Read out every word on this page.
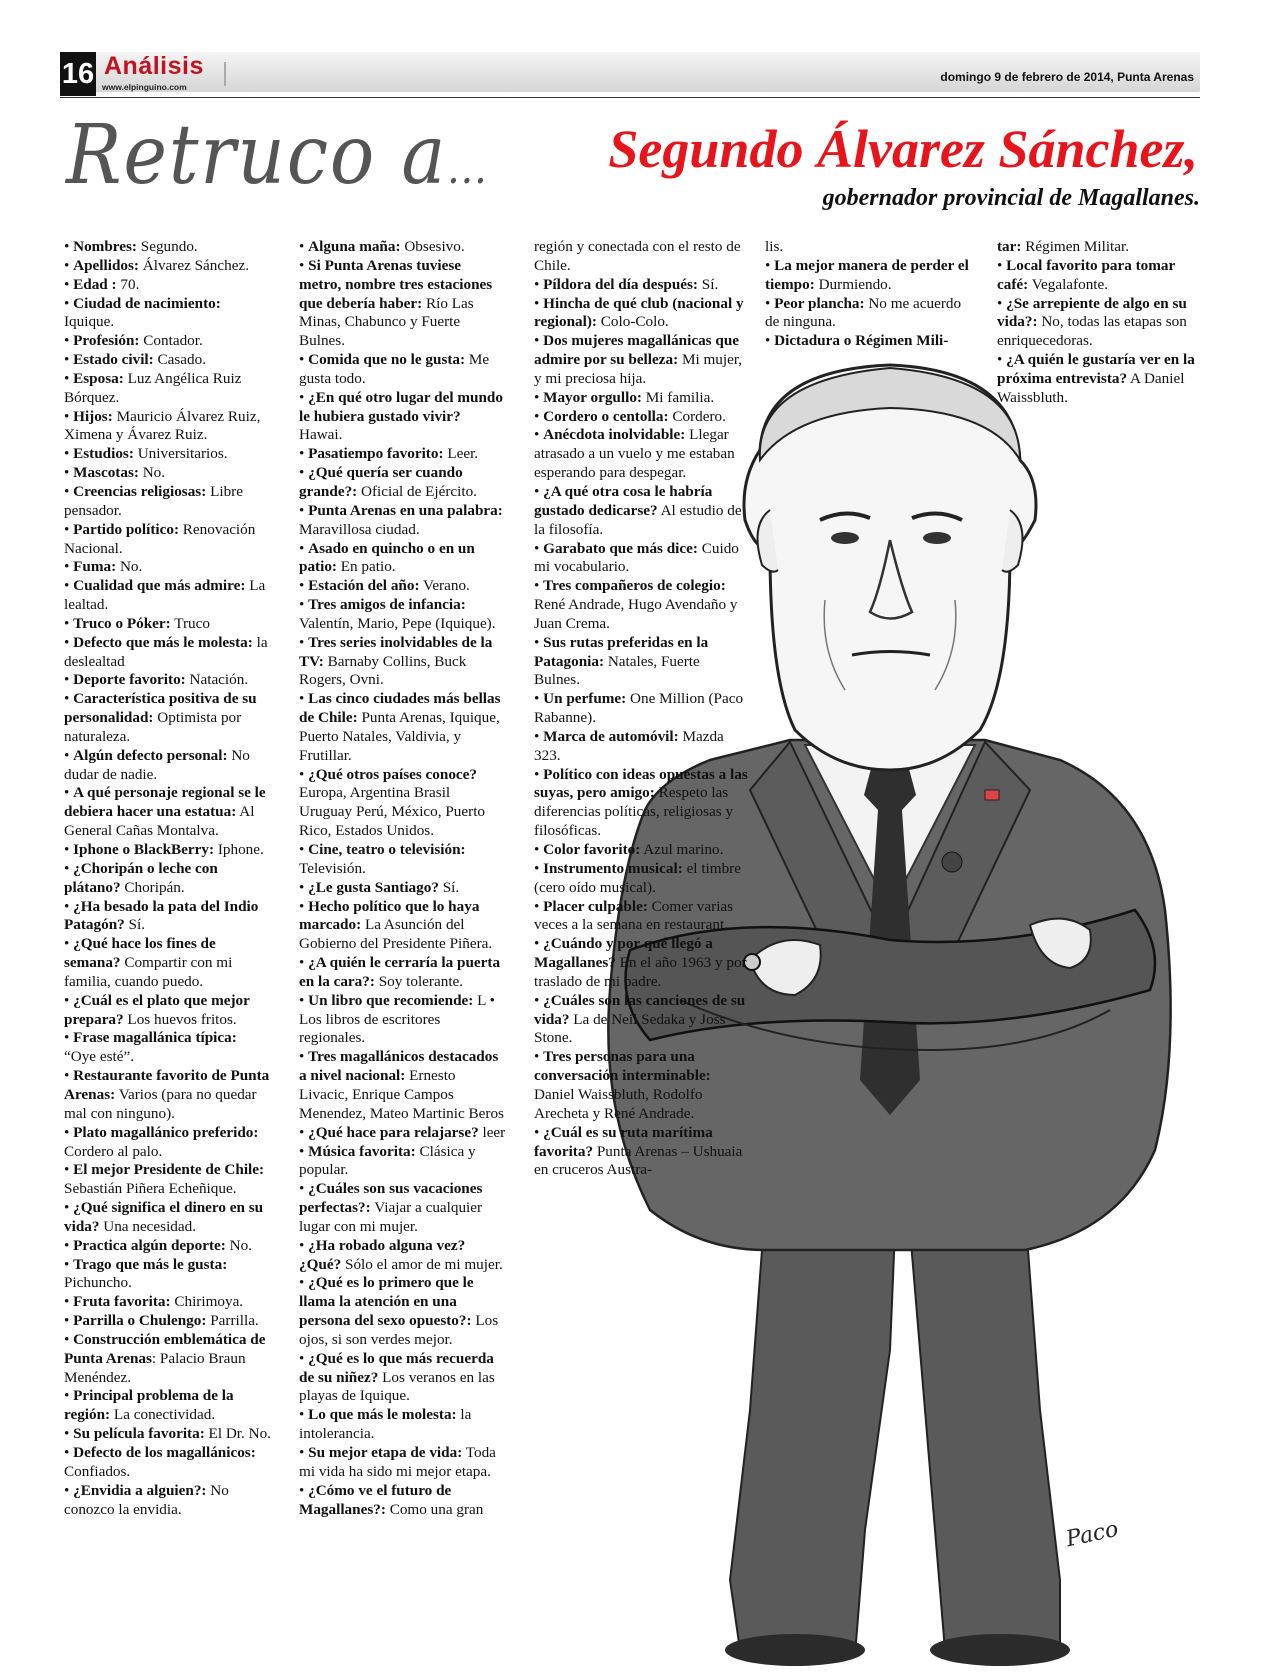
16 Análisis
www.elpinguino.com
domingo 9 de febrero de 2014, Punta Arenas
Retruco a... Segundo Álvarez Sánchez,
gobernador provincial de Magallanes.
Paco

• Nombres: Segundo.

• Apellidos: Álvarez Sánchez.

• Edad : 70.

• Ciudad de nacimiento: Iquique.

• Profesión: Contador.

• Estado civil: Casado.

• Esposa: Luz Angélica Ruiz Bórquez.

• Hijos: Mauricio Álvarez Ruiz, Ximena y Ávarez Ruiz.

• Estudios: Universitarios.

• Mascotas: No.

• Creencias religiosas: Libre pensador.

• Partido político: Renovación Nacional.

• Fuma: No.

• Cualidad que más admire: La lealtad.

• Truco o Póker: Truco

• Defecto que más le molesta: la deslealtad

• Deporte favorito: Natación.

• Característica positiva de su personalidad: Optimista por naturaleza.

• Algún defecto personal: No dudar de nadie.

• A qué personaje regional se le debiera hacer una estatua: Al General Cañas Montalva.

• Iphone o BlackBerry: Iphone.

• ¿Choripán o leche con plátano? Choripán.

• ¿Ha besado la pata del Indio Patagón? Sí.

• ¿Qué hace los fines de semana? Compartir con mi familia, cuando puedo.

• ¿Cuál es el plato que mejor prepara? Los huevos fritos.

• Frase magallánica típica: “Oye esté”.

• Restaurante favorito de Punta Arenas: Varios (para no quedar mal con ninguno).

• Plato magallánico preferido: Cordero al palo.

• El mejor Presidente de Chile: Sebastián Piñera Echeñique.

• ¿Qué significa el dinero en su vida? Una necesidad.

• Practica algún deporte: No.

• Trago que más le gusta: Pichuncho.

• Fruta favorita: Chirimoya.

• Parrilla o Chulengo: Parrilla.

• Construcción emblemática de Punta Arenas: Palacio Braun Menéndez.

• Principal problema de la región: La conectividad.

• Su película favorita: El Dr. No.

• Defecto de los magallánicos: Confiados.

• ¿Envidia a alguien?: No conozco la envidia.

• Alguna maña: Obsesivo.

• Si Punta Arenas tuviese metro, nombre tres estaciones que debería haber: Río Las Minas, Chabunco y Fuerte Bulnes.

• Comida que no le gusta: Me gusta todo.

• ¿En qué otro lugar del mundo le hubiera gustado vivir? Hawai.

• Pasatiempo favorito: Leer.

• ¿Qué quería ser cuando grande?: Oficial de Ejército.

• Punta Arenas en una palabra: Maravillosa ciudad.

• Asado en quincho o en un patio: En patio.

• Estación del año: Verano.

• Tres amigos de infancia: Valentín, Mario, Pepe (Iquique).

• Tres series inolvidables de la TV: Barnaby Collins, Buck Rogers, Ovni.

• Las cinco ciudades más bellas de Chile: Punta Arenas, Iquique, Puerto Natales, Valdivia, y Frutillar.

• ¿Qué otros países conoce? Europa, Argentina Brasil Uruguay Perú, México, Puerto Rico, Estados Unidos.

• Cine, teatro o televisión: Televisión.

• ¿Le gusta Santiago? Sí.

• Hecho político que lo haya marcado: La Asunción del Gobierno del Presidente Piñera.

• ¿A quién le cerraría la puerta en la cara?: Soy tolerante.

• Un libro que recomiende: L • Los libros de escritores regionales.

• Tres magallánicos destacados a nivel nacional: Ernesto Livacic, Enrique Campos Menendez, Mateo Martinic Beros

• ¿Qué hace para relajarse? leer

• Música favorita: Clásica y popular.

• ¿Cuáles son sus vacaciones perfectas?: Viajar a cualquier lugar con mi mujer.

• ¿Ha robado alguna vez? ¿Qué? Sólo el amor de mi mujer.

• ¿Qué es lo primero que le llama la atención en una persona del sexo opuesto?: Los ojos, si son verdes mejor.

• ¿Qué es lo que más recuerda de su niñez? Los veranos en las playas de Iquique.

• Lo que más le molesta: la intolerancia.

• Su mejor etapa de vida: Toda mi vida ha sido mi mejor etapa.

• ¿Cómo ve el futuro de Magallanes?: Como una gran

región y conectada con el resto de Chile.

• Píldora del día después: Sí.

• Hincha de qué club (nacional y regional): Colo-Colo.

• Dos mujeres magallánicas que admire por su belleza: Mi mujer, y mi preciosa hija.

• Mayor orgullo: Mi familia.

• Cordero o centolla: Cordero.

• Anécdota inolvidable: Llegar atrasado a un vuelo y me estaban esperando para despegar.

• ¿A qué otra cosa le habría gustado dedicarse? Al estudio de la filosofía.

• Garabato que más dice: Cuido mi vocabulario.

• Tres compañeros de colegio: René Andrade, Hugo Avendaño y Juan Crema.

• Sus rutas preferidas en la Patagonia: Natales, Fuerte Bulnes.

• Un perfume: One Million (Paco Rabanne).

• Marca de automóvil: Mazda 323.

• Político con ideas opuestas a las suyas, pero amigo: Respeto las diferencias políticas, religiosas y filosóficas.

• Color favorito: Azul marino.

• Instrumento musical: el timbre (cero oído musical).

• Placer culpable: Comer varias veces a la semana en restaurant.

• ¿Cuándo y por qué llegó a Magallanes? En el año 1963 y por traslado de mi padre.

• ¿Cuáles son las canciones de su vida? La de Neil Sedaka y Joss Stone.

• Tres personas para una conversación interminable: Daniel Waissbluth, Rodolfo Arecheta y René Andrade.

• ¿Cuál es su ruta marítima favorita? Punta Arenas – Ushuaia en cruceros Austra-

lis.

• La mejor manera de perder el tiempo: Durmiendo.

• Peor plancha: No me acuerdo de ninguna.

• Dictadura o Régimen Mili-

tar: Régimen Militar.

• Local favorito para tomar café: Vegalafonte.

• ¿Se arrepiente de algo en su vida?: No, todas las etapas son enriquecedoras.

• ¿A quién le gustaría ver en la próxima entrevista? A Daniel Waissbluth.
